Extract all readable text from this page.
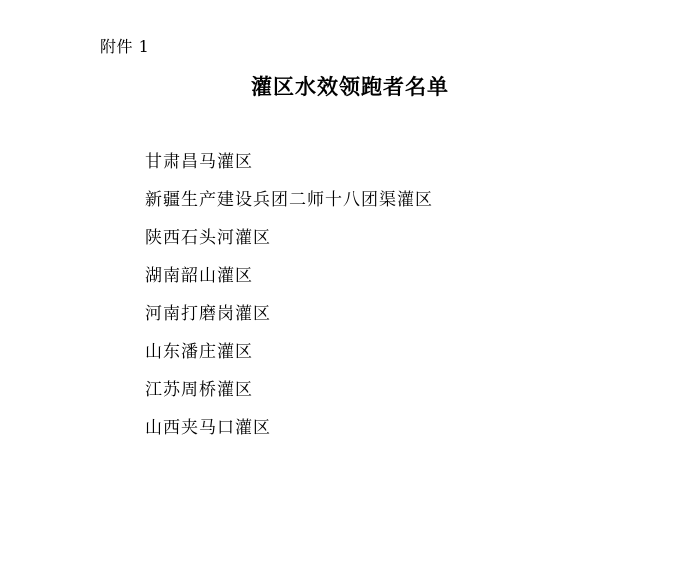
附件 1
灌区水效领跑者名单
甘肃昌马灌区
新疆生产建设兵团二师十八团渠灌区
陕西石头河灌区
湖南韶山灌区
河南打磨岗灌区
山东潘庄灌区
江苏周桥灌区
山西夹马口灌区
